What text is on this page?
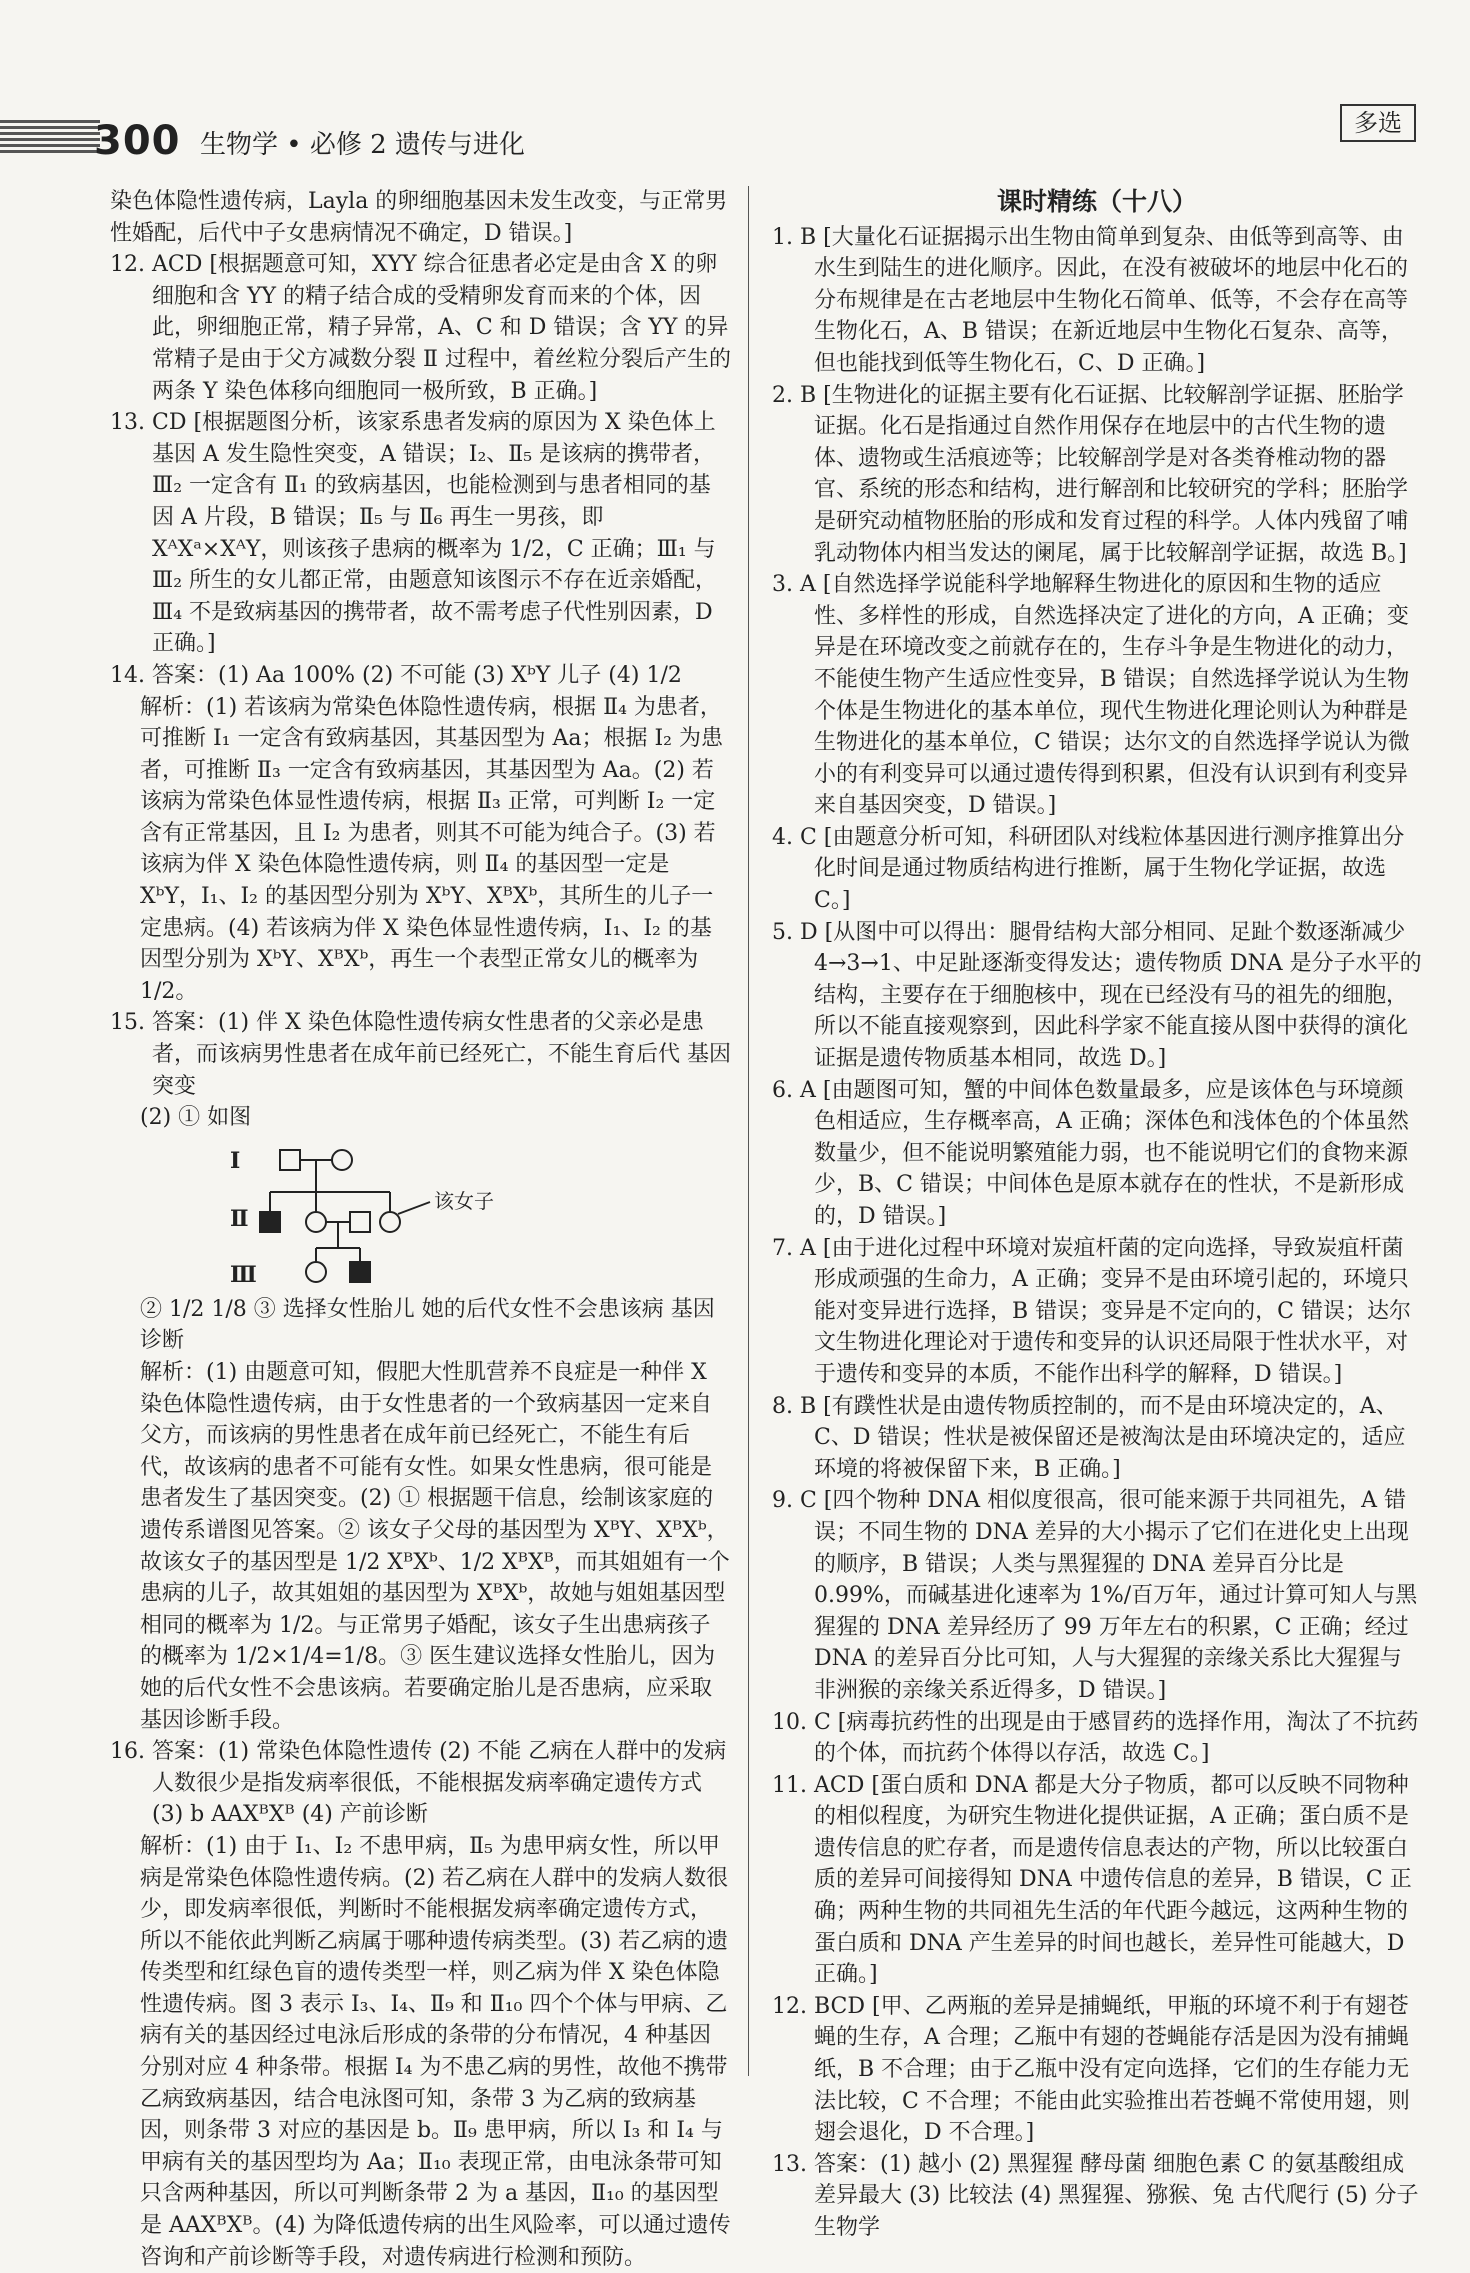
300 生物学 • 必修 2 遗传与进化
多选

染色体隐性遗传病，Layla 的卵细胞基因未发生改变，与正常男性婚配，后代中子女患病情况不确定，D 错误。]

12. ACD [根据题意可知，XYY 综合征患者必定是由含 X 的卵细胞和含 YY 的精子结合成的受精卵发育而来的个体，因此，卵细胞正常，精子异常，A、C 和 D 错误；含 YY 的异常精子是由于父方减数分裂 Ⅱ 过程中，着丝粒分裂后产生的两条 Y 染色体移向细胞同一极所致，B 正确。]

13. CD [根据题图分析，该家系患者发病的原因为 X 染色体上基因 A 发生隐性突变，A 错误；Ⅰ₂、Ⅱ₅ 是该病的携带者，Ⅲ₂ 一定含有 Ⅱ₁ 的致病基因，也能检测到与患者相同的基因 A 片段，B 错误；Ⅱ₅ 与 Ⅱ₆ 再生一男孩，即 XᴬXᵃ×XᴬY，则该孩子患病的概率为 1/2，C 正确；Ⅲ₁ 与 Ⅲ₂ 所生的女儿都正常，由题意知该图示不存在近亲婚配，Ⅲ₄ 不是致病基因的携带者，故不需考虑子代性别因素，D 正确。]

14. 答案：(1) Aa 100% (2) 不可能 (3) XᵇY 儿子 (4) 1/2

解析：(1) 若该病为常染色体隐性遗传病，根据 Ⅱ₄ 为患者，可推断 Ⅰ₁ 一定含有致病基因，其基因型为 Aa；根据 Ⅰ₂ 为患者，可推断 Ⅱ₃ 一定含有致病基因，其基因型为 Aa。(2) 若该病为常染色体显性遗传病，根据 Ⅱ₃ 正常，可判断 Ⅰ₂ 一定含有正常基因，且 Ⅰ₂ 为患者，则其不可能为纯合子。(3) 若该病为伴 X 染色体隐性遗传病，则 Ⅱ₄ 的基因型一定是 XᵇY，Ⅰ₁、Ⅰ₂ 的基因型分别为 XᵇY、XᴮXᵇ，其所生的儿子一定患病。(4) 若该病为伴 X 染色体显性遗传病，Ⅰ₁、Ⅰ₂ 的基因型分别为 XᵇY、XᴮXᵇ，再生一个表型正常女儿的概率为 1/2。

15. 答案：(1) 伴 X 染色体隐性遗传病女性患者的父亲必是患者，而该病男性患者在成年前已经死亡，不能生育后代 基因突变

(2) ① 如图

Ⅰ
Ⅱ
Ⅲ
该女子

② 1/2 1/8 ③ 选择女性胎儿 她的后代女性不会患该病 基因诊断

解析：(1) 由题意可知，假肥大性肌营养不良症是一种伴 X 染色体隐性遗传病，由于女性患者的一个致病基因一定来自父方，而该病的男性患者在成年前已经死亡，不能生有后代，故该病的患者不可能有女性。如果女性患病，很可能是患者发生了基因突变。(2) ① 根据题干信息，绘制该家庭的遗传系谱图见答案。② 该女子父母的基因型为 XᴮY、XᴮXᵇ，故该女子的基因型是 1/2 XᴮXᵇ、1/2 XᴮXᴮ，而其姐姐有一个患病的儿子，故其姐姐的基因型为 XᴮXᵇ，故她与姐姐基因型相同的概率为 1/2。与正常男子婚配，该女子生出患病孩子的概率为 1/2×1/4=1/8。③ 医生建议选择女性胎儿，因为她的后代女性不会患该病。若要确定胎儿是否患病，应采取基因诊断手段。

16. 答案：(1) 常染色体隐性遗传 (2) 不能 乙病在人群中的发病人数很少是指发病率很低，不能根据发病率确定遗传方式 (3) b AAXᴮXᴮ (4) 产前诊断

解析：(1) 由于 Ⅰ₁、Ⅰ₂ 不患甲病，Ⅱ₅ 为患甲病女性，所以甲病是常染色体隐性遗传病。(2) 若乙病在人群中的发病人数很少，即发病率很低，判断时不能根据发病率确定遗传方式，所以不能依此判断乙病属于哪种遗传病类型。(3) 若乙病的遗传类型和红绿色盲的遗传类型一样，则乙病为伴 X 染色体隐性遗传病。图 3 表示 Ⅰ₃、Ⅰ₄、Ⅱ₉ 和 Ⅱ₁₀ 四个个体与甲病、乙病有关的基因经过电泳后形成的条带的分布情况，4 种基因分别对应 4 种条带。根据 Ⅰ₄ 为不患乙病的男性，故他不携带乙病致病基因，结合电泳图可知，条带 3 为乙病的致病基因，则条带 3 对应的基因是 b。Ⅱ₉ 患甲病，所以 Ⅰ₃ 和 Ⅰ₄ 与甲病有关的基因型均为 Aa；Ⅱ₁₀ 表现正常，由电泳条带可知只含两种基因，所以可判断条带 2 为 a 基因，Ⅱ₁₀ 的基因型是 AAXᴮXᴮ。(4) 为降低遗传病的出生风险率，可以通过遗传咨询和产前诊断等手段，对遗传病进行检测和预防。

课时精练（十八）

1. B [大量化石证据揭示出生物由简单到复杂、由低等到高等、由水生到陆生的进化顺序。因此，在没有被破坏的地层中化石的分布规律是在古老地层中生物化石简单、低等，不会存在高等生物化石，A、B 错误；在新近地层中生物化石复杂、高等，但也能找到低等生物化石，C、D 正确。]

2. B [生物进化的证据主要有化石证据、比较解剖学证据、胚胎学证据。化石是指通过自然作用保存在地层中的古代生物的遗体、遗物或生活痕迹等；比较解剖学是对各类脊椎动物的器官、系统的形态和结构，进行解剖和比较研究的学科；胚胎学是研究动植物胚胎的形成和发育过程的科学。人体内残留了哺乳动物体内相当发达的阑尾，属于比较解剖学证据，故选 B。]

3. A [自然选择学说能科学地解释生物进化的原因和生物的适应性、多样性的形成，自然选择决定了进化的方向，A 正确；变异是在环境改变之前就存在的，生存斗争是生物进化的动力，不能使生物产生适应性变异，B 错误；自然选择学说认为生物个体是生物进化的基本单位，现代生物进化理论则认为种群是生物进化的基本单位，C 错误；达尔文的自然选择学说认为微小的有利变异可以通过遗传得到积累，但没有认识到有利变异来自基因突变，D 错误。]

4. C [由题意分析可知，科研团队对线粒体基因进行测序推算出分化时间是通过物质结构进行推断，属于生物化学证据，故选 C。]

5. D [从图中可以得出：腿骨结构大部分相同、足趾个数逐渐减少 4→3→1、中足趾逐渐变得发达；遗传物质 DNA 是分子水平的结构，主要存在于细胞核中，现在已经没有马的祖先的细胞，所以不能直接观察到，因此科学家不能直接从图中获得的演化证据是遗传物质基本相同，故选 D。]

6. A [由题图可知，蟹的中间体色数量最多，应是该体色与环境颜色相适应，生存概率高，A 正确；深体色和浅体色的个体虽然数量少，但不能说明繁殖能力弱，也不能说明它们的食物来源少，B、C 错误；中间体色是原本就存在的性状，不是新形成的，D 错误。]

7. A [由于进化过程中环境对炭疽杆菌的定向选择，导致炭疽杆菌形成顽强的生命力，A 正确；变异不是由环境引起的，环境只能对变异进行选择，B 错误；变异是不定向的，C 错误；达尔文生物进化理论对于遗传和变异的认识还局限于性状水平，对于遗传和变异的本质，不能作出科学的解释，D 错误。]

8. B [有蹼性状是由遗传物质控制的，而不是由环境决定的，A、C、D 错误；性状是被保留还是被淘汰是由环境决定的，适应环境的将被保留下来，B 正确。]

9. C [四个物种 DNA 相似度很高，很可能来源于共同祖先，A 错误；不同生物的 DNA 差异的大小揭示了它们在进化史上出现的顺序，B 错误；人类与黑猩猩的 DNA 差异百分比是 0.99%，而碱基进化速率为 1%/百万年，通过计算可知人与黑猩猩的 DNA 差异经历了 99 万年左右的积累，C 正确；经过 DNA 的差异百分比可知，人与大猩猩的亲缘关系比大猩猩与非洲猴的亲缘关系近得多，D 错误。]

10. C [病毒抗药性的出现是由于感冒药的选择作用，淘汰了不抗药的个体，而抗药个体得以存活，故选 C。]

11. ACD [蛋白质和 DNA 都是大分子物质，都可以反映不同物种的相似程度，为研究生物进化提供证据，A 正确；蛋白质不是遗传信息的贮存者，而是遗传信息表达的产物，所以比较蛋白质的差异可间接得知 DNA 中遗传信息的差异，B 错误，C 正确；两种生物的共同祖先生活的年代距今越远，这两种生物的蛋白质和 DNA 产生差异的时间也越长，差异性可能越大，D 正确。]

12. BCD [甲、乙两瓶的差异是捕蝇纸，甲瓶的环境不利于有翅苍蝇的生存，A 合理；乙瓶中有翅的苍蝇能存活是因为没有捕蝇纸，B 不合理；由于乙瓶中没有定向选择，它们的生存能力无法比较，C 不合理；不能由此实验推出若苍蝇不常使用翅，则翅会退化，D 不合理。]

13. 答案：(1) 越小 (2) 黑猩猩 酵母菌 细胞色素 C 的氨基酸组成差异最大 (3) 比较法 (4) 黑猩猩、猕猴、兔 古代爬行 (5) 分子生物学
